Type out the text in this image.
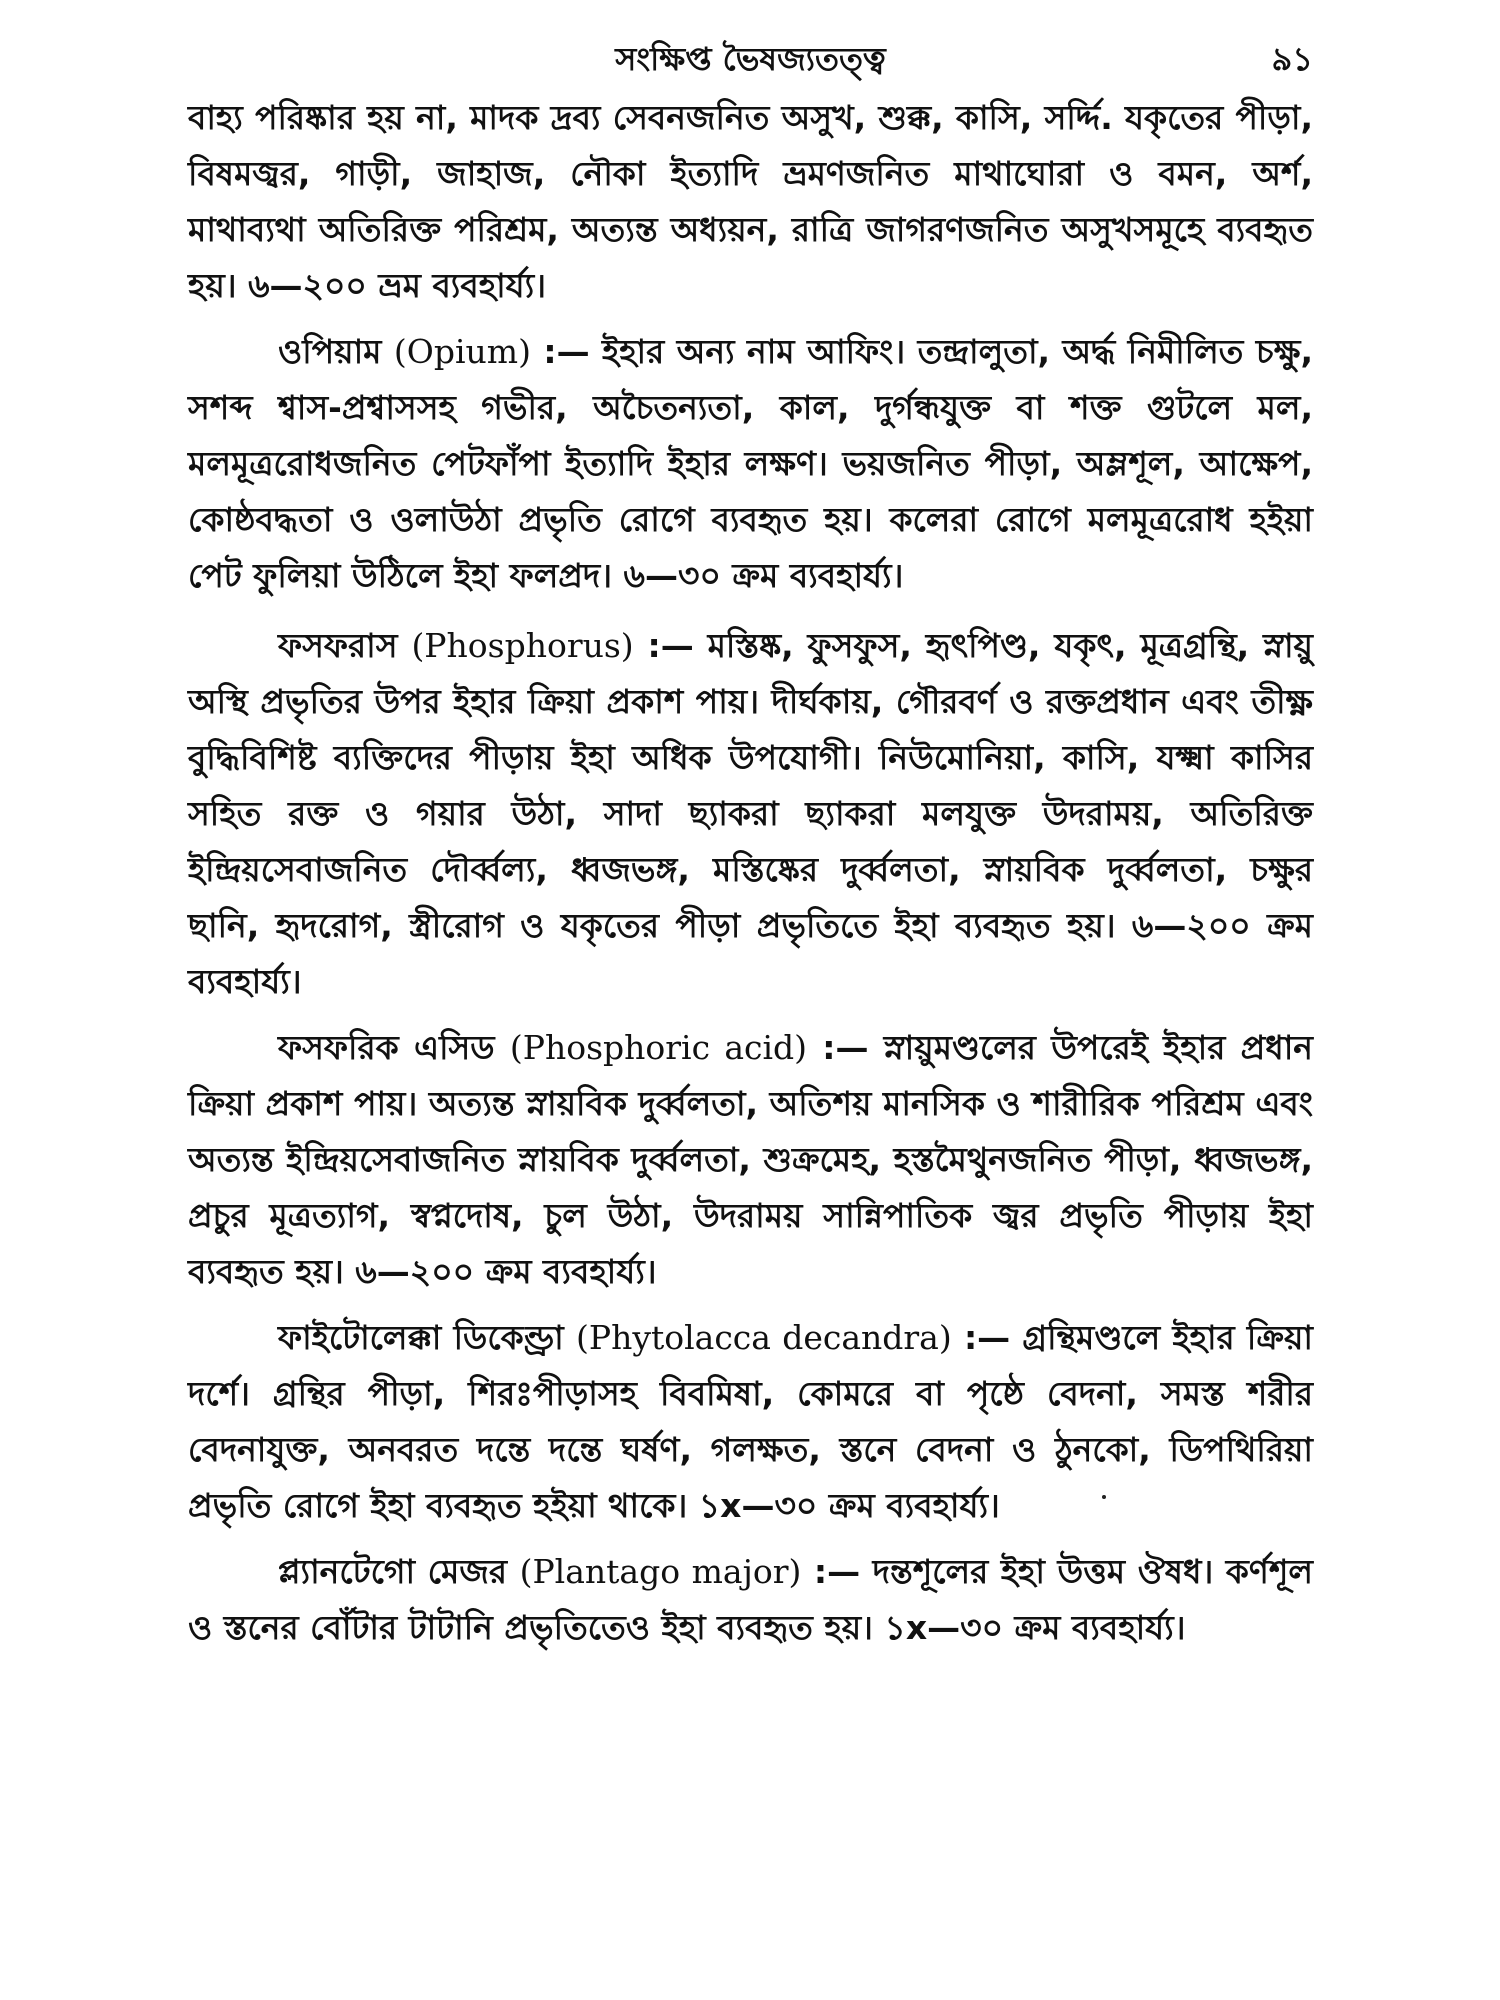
সংক্ষিপ্ত ভৈষজ্যতত্ত্ব	৯১

বাহ্য পরিষ্কার হয় না, মাদক দ্রব্য সেবনজনিত অসুখ, শুক্ক, কাসি, সর্দ্দি. যকৃতের পীড়া, বিষমজ্বর, গাড়ী, জাহাজ, নৌকা ইত্যাদি ভ্রমণজনিত মাথাঘোরা ও বমন, অর্শ, মাথাব্যথা অতিরিক্ত পরিশ্রম, অত্যন্ত অধ্যয়ন, রাত্রি জাগরণজনিত অসুখসমূহে ব্যবহৃত হয়। ৬—২০০ ভ্রম ব্যবহার্য্য।

ওপিয়াম (Opium) :— ইহার অন্য নাম আফিং। তন্দ্রালুতা, অর্দ্ধ নিমীলিত চক্ষু, সশব্দ শ্বাস-প্রশ্বাসসহ গভীর, অচৈতন্যতা, কাল, দুর্গন্ধযুক্ত বা শক্ত গুটলে মল, মলমূত্ররোধজনিত পেটফাঁপা ইত্যাদি ইহার লক্ষণ। ভয়জনিত পীড়া, অম্লশূল, আক্ষেপ, কোষ্ঠবদ্ধতা ও ওলাউঠা প্রভৃতি রোগে ব্যবহৃত হয়। কলেরা রোগে মলমূত্ররোধ হইয়া পেট ফুলিয়া উঠিলে ইহা ফলপ্রদ। ৬—৩০ ক্রম ব্যবহার্য্য।

ফসফরাস (Phosphorus) :— মস্তিষ্ক, ফুসফুস, হৃৎপিণ্ড, যকৃৎ, মূত্রগ্রন্থি, স্নায়ু অস্থি প্রভৃতির উপর ইহার ক্রিয়া প্রকাশ পায়। দীর্ঘকায়, গৌরবর্ণ ও রক্তপ্রধান এবং তীক্ষ্ণ বুদ্ধিবিশিষ্ট ব্যক্তিদের পীড়ায় ইহা অধিক উপযোগী। নিউমোনিয়া, কাসি, যক্ষ্মা কাসির সহিত রক্ত ও গয়ার উঠা, সাদা ছ্যাকরা ছ্যাকরা মলযুক্ত উদরাময়, অতিরিক্ত ইন্দ্রিয়সেবাজনিত দৌর্ব্বল্য, ধ্বজভঙ্গ, মস্তিষ্কের দুর্ব্বলতা, স্নায়বিক দুর্ব্বলতা, চক্ষুর ছানি, হৃদরোগ, স্ত্রীরোগ ও যকৃতের পীড়া প্রভৃতিতে ইহা ব্যবহৃত হয়। ৬—২০০ ক্রম ব্যবহার্য্য।

ফসফরিক এসিড (Phosphoric acid) :— স্নায়ুমণ্ডলের উপরেই ইহার প্রধান ক্রিয়া প্রকাশ পায়। অত্যন্ত স্নায়বিক দুর্ব্বলতা, অতিশয় মানসিক ও শারীরিক পরিশ্রম এবং অত্যন্ত ইন্দ্রিয়সেবাজনিত স্নায়বিক দুর্ব্বলতা, শুক্রমেহ, হস্তমৈথুনজনিত পীড়া, ধ্বজভঙ্গ, প্রচুর মূত্রত্যাগ, স্বপ্নদোষ, চুল উঠা, উদরাময় সান্নিপাতিক জ্বর প্রভৃতি পীড়ায় ইহা ব্যবহৃত হয়। ৬—২০০ ক্রম ব্যবহার্য্য।

ফাইটোলেক্কা ডিকেণ্ড্রা (Phytolacca decandra) :— গ্রন্থিমণ্ডলে ইহার ক্রিয়া দর্শে। গ্রন্থির পীড়া, শিরঃপীড়াসহ বিবমিষা, কোমরে বা পৃষ্ঠে বেদনা, সমস্ত শরীর বেদনাযুক্ত, অনবরত দন্তে দন্তে ঘর্ষণ, গলক্ষত, স্তনে বেদনা ও ঠুনকো, ডিপথিরিয়া প্রভৃতি রোগে ইহা ব্যবহৃত হইয়া থাকে। ১x—৩০ ক্রম ব্যবহার্য্য।

প্ল্যানটেগো মেজর (Plantago major) :— দন্তশূলের ইহা উত্তম ঔষধ। কর্ণশূল ও স্তনের বোঁটার টাটানি প্রভৃতিতেও ইহা ব্যবহৃত হয়। ১x—৩০ ক্রম ব্যবহার্য্য।
